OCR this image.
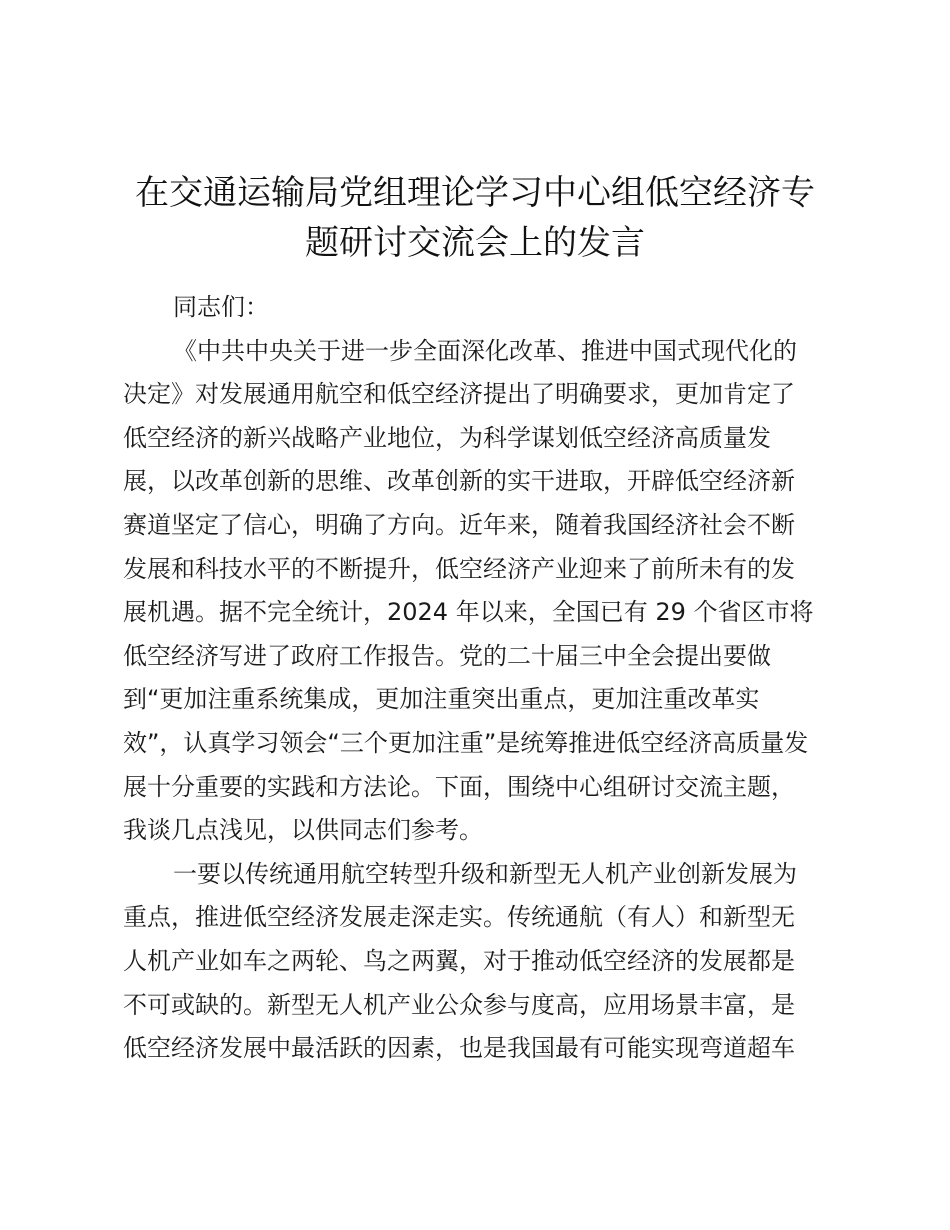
在交通运输局党组理论学习中心组低空经济专
题研讨交流会上的发言
同志们：
《中共中央关于进一步全面深化改革、推进中国式现代化的
决定》对发展通用航空和低空经济提出了明确要求，更加肯定了
低空经济的新兴战略产业地位，为科学谋划低空经济高质量发
展，以改革创新的思维、改革创新的实干进取，开辟低空经济新
赛道坚定了信心，明确了方向。近年来，随着我国经济社会不断
发展和科技水平的不断提升，低空经济产业迎来了前所未有的发
展机遇。据不完全统计，2024 年以来，全国已有 29 个省区市将
低空经济写进了政府工作报告。党的二十届三中全会提出要做
到“更加注重系统集成，更加注重突出重点，更加注重改革实
效”，认真学习领会“三个更加注重”是统筹推进低空经济高质量发
展十分重要的实践和方法论。下面，围绕中心组研讨交流主题，
我谈几点浅见，以供同志们参考。
一要以传统通用航空转型升级和新型无人机产业创新发展为
重点，推进低空经济发展走深走实。传统通航（有人）和新型无
人机产业如车之两轮、鸟之两翼，对于推动低空经济的发展都是
不可或缺的。新型无人机产业公众参与度高，应用场景丰富，是
低空经济发展中最活跃的因素，也是我国最有可能实现弯道超车
